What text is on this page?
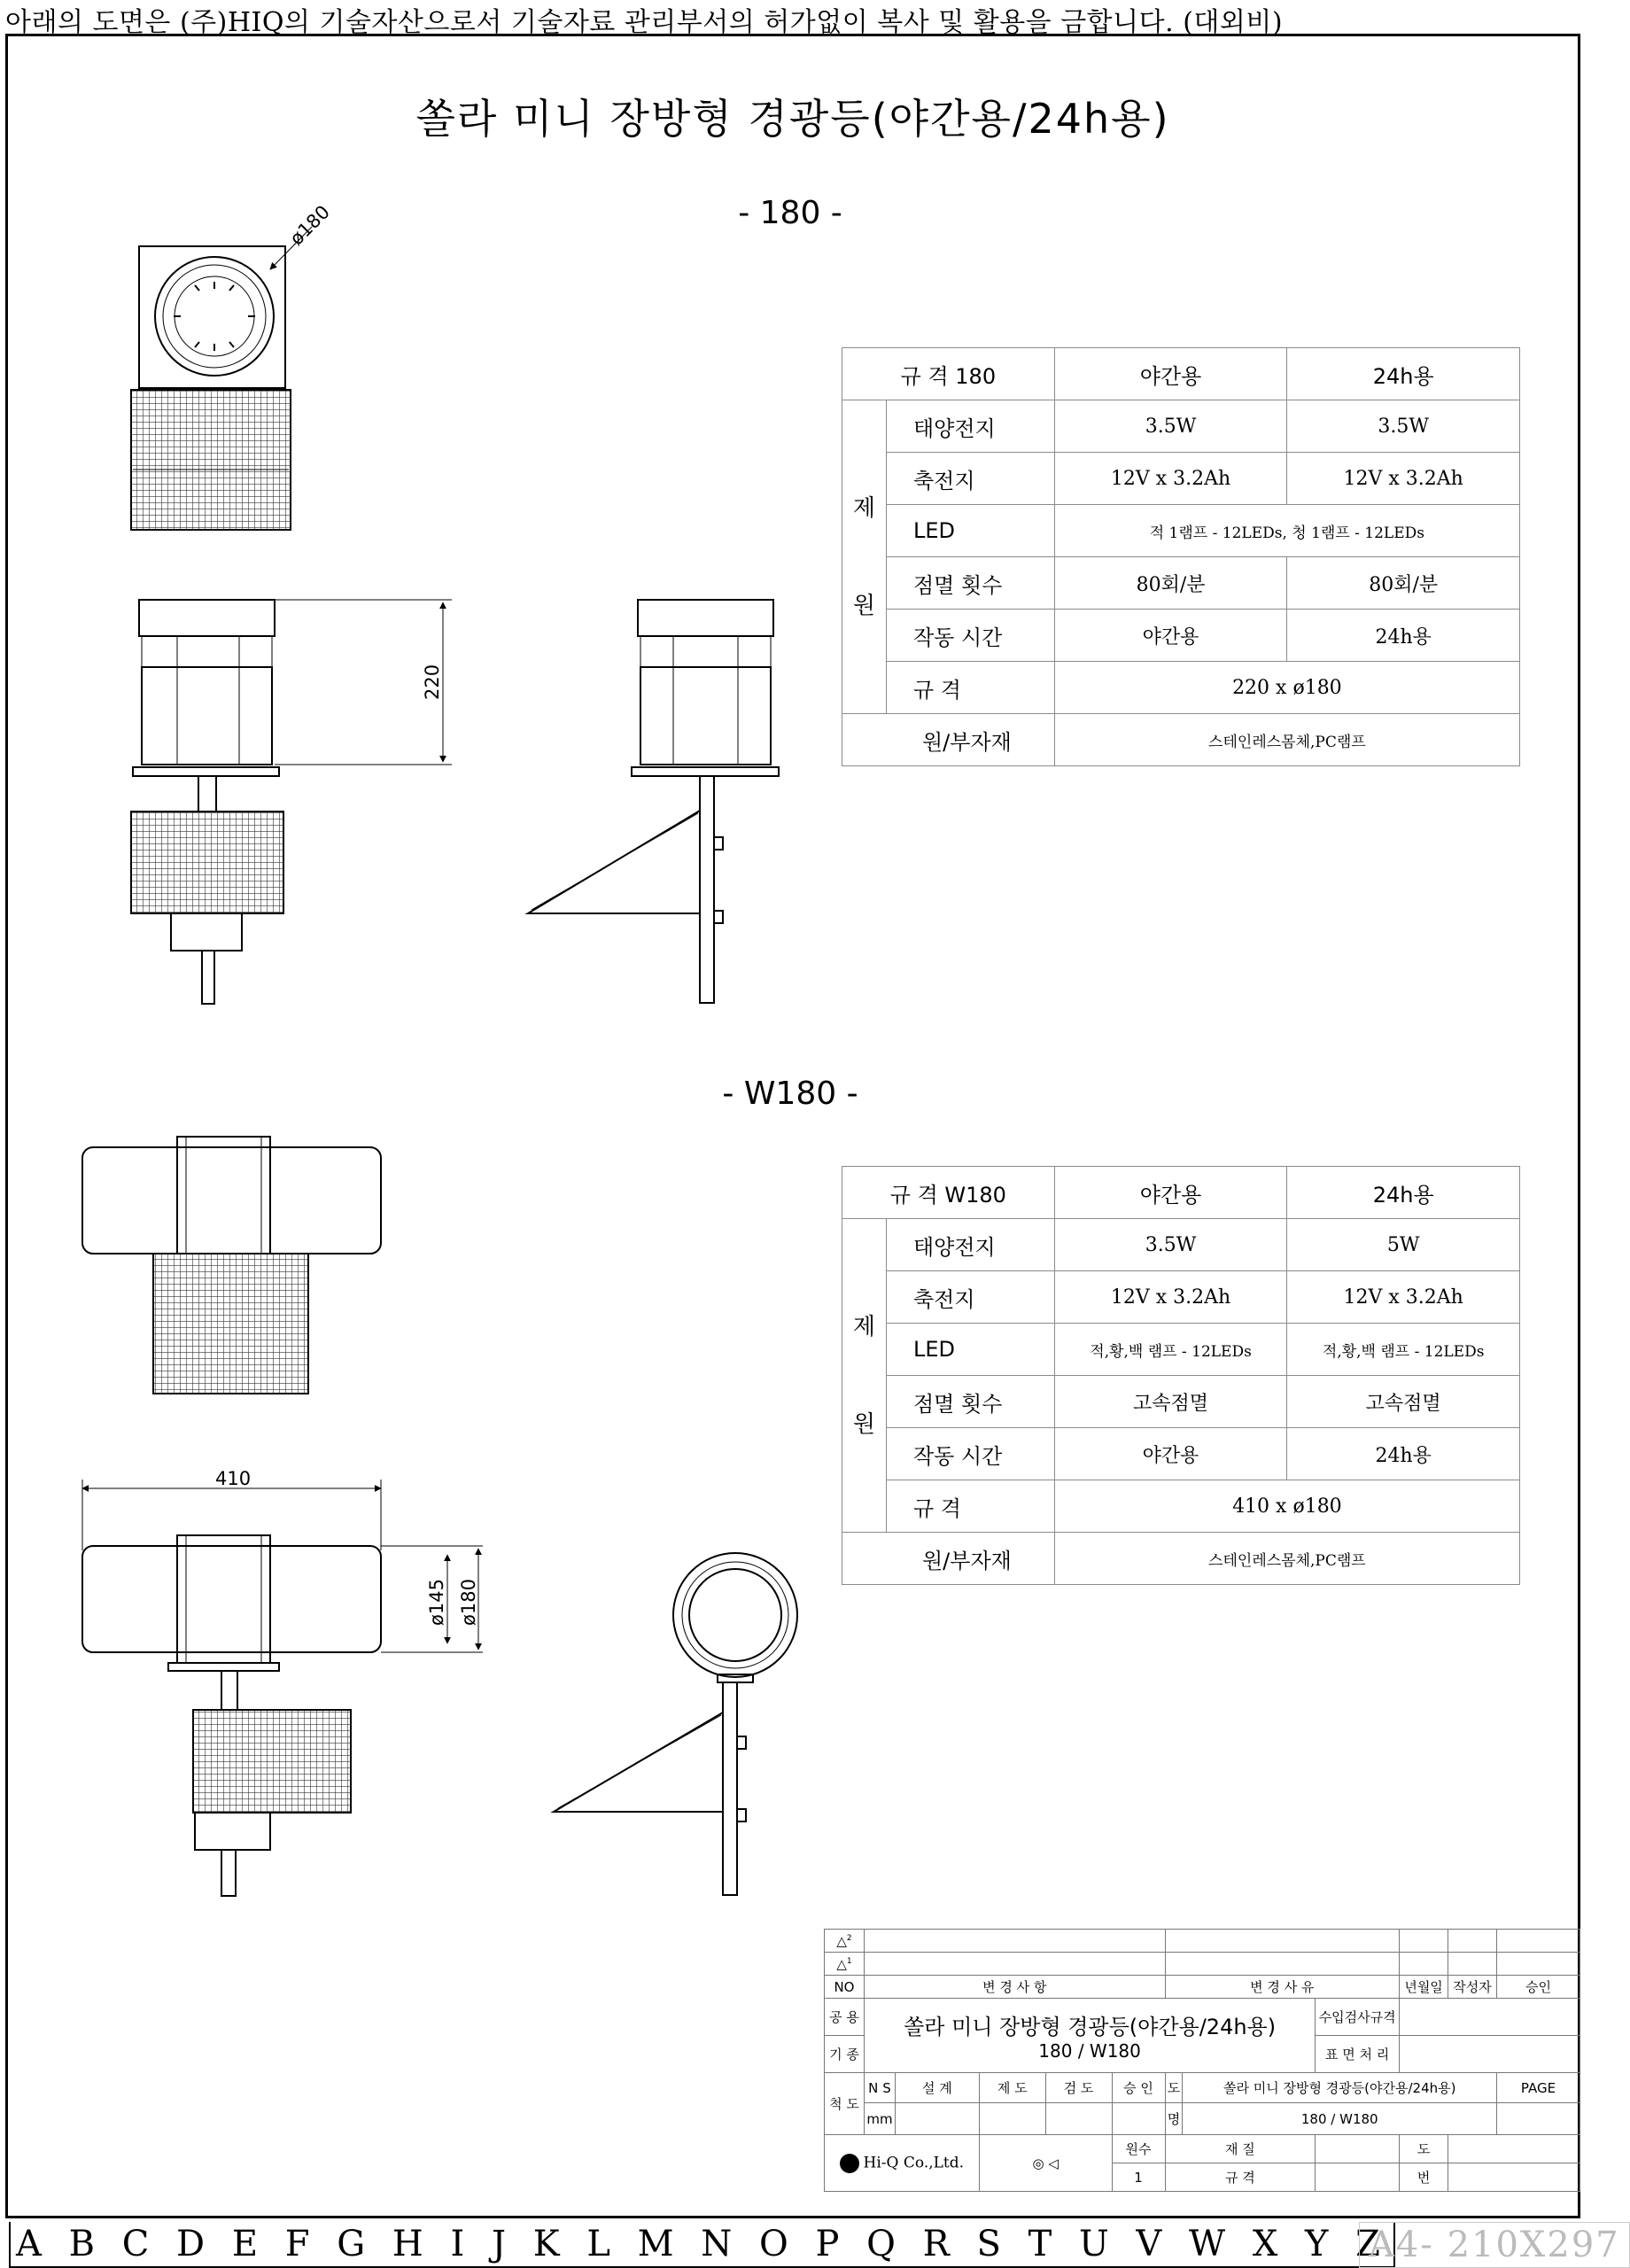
아래의 도면은 (주)HIQ의 기술자산으로서 기술자료 관리부서의 허가없이 복사 및 활용을 금합니다. (대외비)
쏠라 미니 장방형 경광등(야간용/24h용)
- 180 -
- W180 -
ø180
220
410
ø145 ø180
규 격 180		야간용	24h용
제
원	태양전지	3.5W	3.5W
	축전지	12V x 3.2Ah	12V x 3.2Ah
	LED	적 1램프 - 12LEDs, 청 1램프 - 12LEDs	
	점멸 횟수	80회/분	80회/분
	작동 시간	야간용	24h용
	규 격	220 x ø180	
원/부자재		스테인레스몸체,PC램프	
규 격 W180		야간용	24h용
제
원	태양전지	3.5W	5W
	축전지	12V x 3.2Ah	12V x 3.2Ah
	LED	적,황,백 램프 - 12LEDs	적,황,백 램프 - 12LEDs
	점멸 횟수	고속점멸	고속점멸
	작동 시간	야간용	24h용
	규 격	410 x ø180	
원/부자재		스테인레스몸체,PC램프	
△$^2$					
△$^1$					
NO	변 경 사 항					변 경 사 유			년월일	작성자	승인
공 용	쏠라 미니 장방형 경광등(야간용/24h용)
180 / W180							수입검사규격			
기 종								표 면 처 리			
척 도	N S	설 계	제 도	검 도	승 인	도	쏠라 미니 장방형 경광등(야간용/24h용)				PAGE
	mm					명	180 / W180				
Hi-Q Co.,Ltd.			◎ ◁		원수	재 질			도		
					1	규 격			번		
A B C D E F G H I J K L M N O P Q R S T U V W X Y Z
A4- 210X297
